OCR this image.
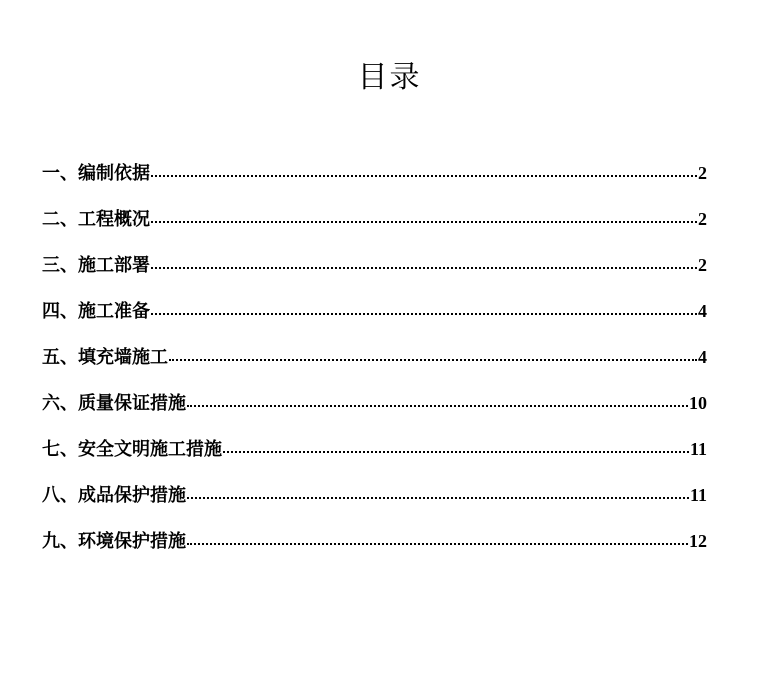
目录
一、编制依据	2
二、工程概况	2
三、施工部署	2
四、施工准备	4
五、填充墙施工	4
六、质量保证措施	10
七、安全文明施工措施	11
八、成品保护措施	11
九、环境保护措施	12
